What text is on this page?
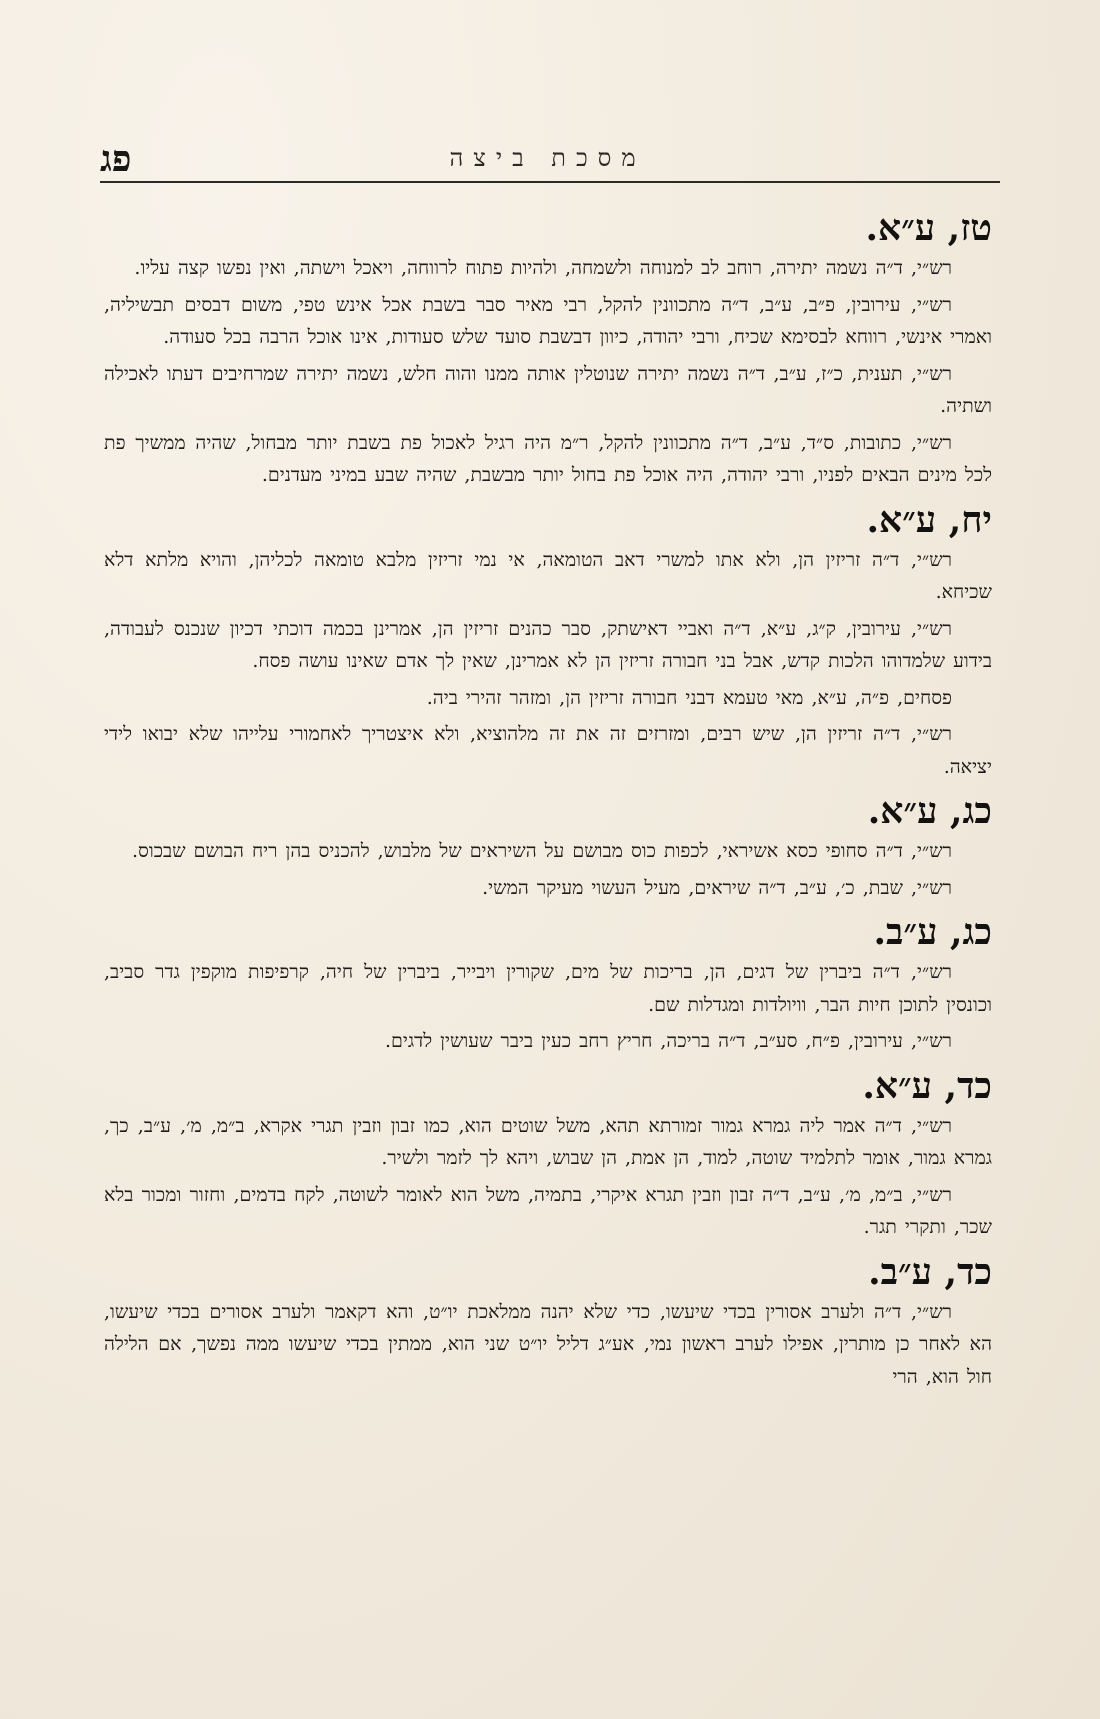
מסכת ביצה
פג
טז, ע״א.

רש״י, ד״ה נשמה יתירה, רוחב לב למנוחה ולשמחה, ולהיות פתוח לרווחה, ויאכל וישתה, ואין נפשו קצה עליו.

רש״י, עירובין, פ״ב, ע״ב, ד״ה מתכוונין להקל, רבי מאיר סבר בשבת אכל אינש טפי, משום דבסים תבשיליה, ואמרי אינשי, רווחא לבסימא שכיח, ורבי יהודה, כיוון דבשבת סועד שלש סעודות, אינו אוכל הרבה בכל סעודה.

רש״י, תענית, כ״ז, ע״ב, ד״ה נשמה יתירה שנוטלין אותה ממנו והוה חלש, נשמה יתירה שמרחיבים דעתו לאכילה ושתיה.

רש״י, כתובות, ס״ד, ע״ב, ד״ה מתכוונין להקל, ר״מ היה רגיל לאכול פת בשבת יותר מבחול, שהיה ממשיך פת לכל מינים הבאים לפניו, ורבי יהודה, היה אוכל פת בחול יותר מבשבת, שהיה שבע במיני מעדנים.

יח, ע״א.

רש״י, ד״ה זריזין הן, ולא אתו למשרי דאב הטומאה, אי נמי זריזין מלבא טומאה לכליהן, והויא מלתא דלא שכיחא.

רש״י, עירובין, ק״ג, ע״א, ד״ה ואביי דאישתק, סבר כהנים זריזין הן, אמרינן בכמה דוכתי דכיון שנכנס לעבודה, בידוע שלמדוהו הלכות קדש, אבל בני חבורה זריזין הן לא אמרינן, שאין לך אדם שאינו עושה פסח.

פסחים, פ״ה, ע״א, מאי טעמא דבני חבורה זריזין הן, ומזהר זהירי ביה.

רש״י, ד״ה זריזין הן, שיש רבים, ומזרזים זה את זה מלהוציא, ולא איצטריך לאחמורי עלייהו שלא יבואו לידי יציאה.

כג, ע״א.

רש״י, ד״ה סחופי כסא אשיראי, לכפות כוס מבושם על השיראים של מלבוש, להכניס בהן ריח הבושם שבכוס.

רש״י, שבת, כ׳, ע״ב, ד״ה שיראים, מעיל העשוי מעיקר המשי.

כג, ע״ב.

רש״י, ד״ה ביברין של דגים, הן, בריכות של מים, שקורין ויבייר, ביברין של חיה, קרפיפות מוקפין גדר סביב, וכונסין לתוכן חיות הבר, וויולדות ומגדלות שם.

רש״י, עירובין, פ״ח, סע״ב, ד״ה בריכה, חריץ רחב כעין ביבר שעושין לדגים.

כד, ע״א.

רש״י, ד״ה אמר ליה גמרא גמור זמורתא תהא, משל שוטים הוא, כמו זבון וזבין תגרי אקרא, ב״מ, מ׳, ע״ב, כך, גמרא גמור, אומר לתלמיד שוטה, למוד, הן אמת, הן שבוש, ויהא לך לזמר ולשיר.

רש״י, ב״מ, מ׳, ע״ב, ד״ה זבון וזבין תגרא איקרי, בתמיה, משל הוא לאומר לשוטה, לקח בדמים, וחזור ומכור בלא שכר, ותקרי תגר.

כד, ע״ב.

רש״י, ד״ה ולערב אסורין בכדי שיעשו, כדי שלא יהנה ממלאכת יו״ט, והא דקאמר ולערב אסורים בכדי שיעשו, הא לאחר כן מותרין, אפילו לערב ראשון נמי, אע״ג דליל יו״ט שני הוא, ממתין בכדי שיעשו ממה נפשך, אם הלילה חול הוא, הרי
